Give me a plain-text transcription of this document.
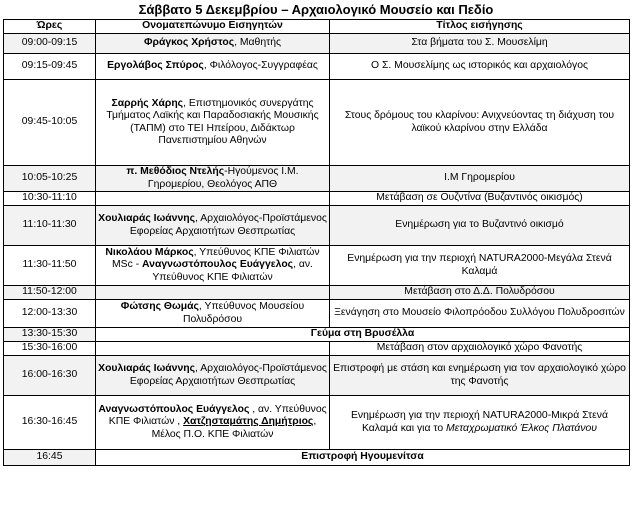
Σάββατο 5 Δεκεμβρίου – Αρχαιολογικό Μουσείο και Πεδίο
Ώρες	Ονοματεπώνυμο Εισηγητών	Τίτλος εισήγησης
09:00-09:15	Φράγκος Χρήστος, Μαθητής	Στα βήματα του Σ. Μουσελίμη
09:15-09:45	Εργολάβος Σπύρος, Φιλόλογος-Συγγραφέας	Ο Σ. Μουσελίμης ως ιστορικός και αρχαιολόγος
09:45-10:05	Σαρρής Χάρης, Επιστημονικός συνεργάτης Τμήματος Λαϊκής και Παραδοσιακής Μουσικής (ΤΑΠΜ) στο ΤΕΙ Ηπείρου, Διδάκτωρ Πανεπιστημίου Αθηνών	Στους δρόμους του κλαρίνου: Ανιχνεύοντας τη διάχυση του λαϊκού κλαρίνου στην Ελλάδα
10:05-10:25	π. Μεθόδιος Ντελής-Ηγούμενος Ι.Μ. Γηρομερίου, Θεολόγος ΑΠΘ	Ι.Μ Γηρομερίου
10:30-11:10		Μετάβαση σε Ουζντίνα (Βυζαντινός οικισμός)
11:10-11:30	Χουλιαράς Ιωάννης, Αρχαιολόγος-Προϊστάμενος Εφορείας Αρχαιοτήτων Θεσπρωτίας	Ενημέρωση για το Βυζαντινό οικισμό
11:30-11:50	Νικολάου Μάρκος, Υπεύθυνος ΚΠΕ Φιλιατών MSc - Αναγνωστόπουλος Ευάγγελος, αν. Υπεύθυνος ΚΠΕ Φιλιατών	Ενημέρωση για την περιοχή NATURA2000-Μεγάλα Στενά Καλαμά
11:50-12:00		Μετάβαση στο Δ.Δ. Πολυδρόσου
12:00-13:30	Φώτσης Θωμάς, Υπεύθυνος Μουσείου Πολυδρόσου	Ξενάγηση στο Μουσείο Φιλοπρόοδου Συλλόγου Πολυδροσιτών
13:30-15:30	Γεύμα στη Βρυσέλλα	
15:30-16:00		Μετάβαση στον αρχαιολογικό χώρο Φανοτής
16:00-16:30	Χουλιαράς Ιωάννης, Αρχαιολόγος-Προϊστάμενος Εφορείας Αρχαιοτήτων Θεσπρωτίας	Επιστροφή με στάση και ενημέρωση για τον αρχαιολογικό χώρο της Φανοτής
16:30-16:45	Αναγνωστόπουλος Ευάγγελος , αν. Υπεύθυνος ΚΠΕ Φιλιατών , Χατζησταμάτης Δημήτριος, Μέλος Π.Ο. ΚΠΕ Φιλιατών	Ενημέρωση για την περιοχή NATURA2000-Μικρά Στενά Καλαμά και για το Μεταχρωματικό Έλκος Πλατάνου
16:45	Επιστροφή Ηγουμενίτσα	
